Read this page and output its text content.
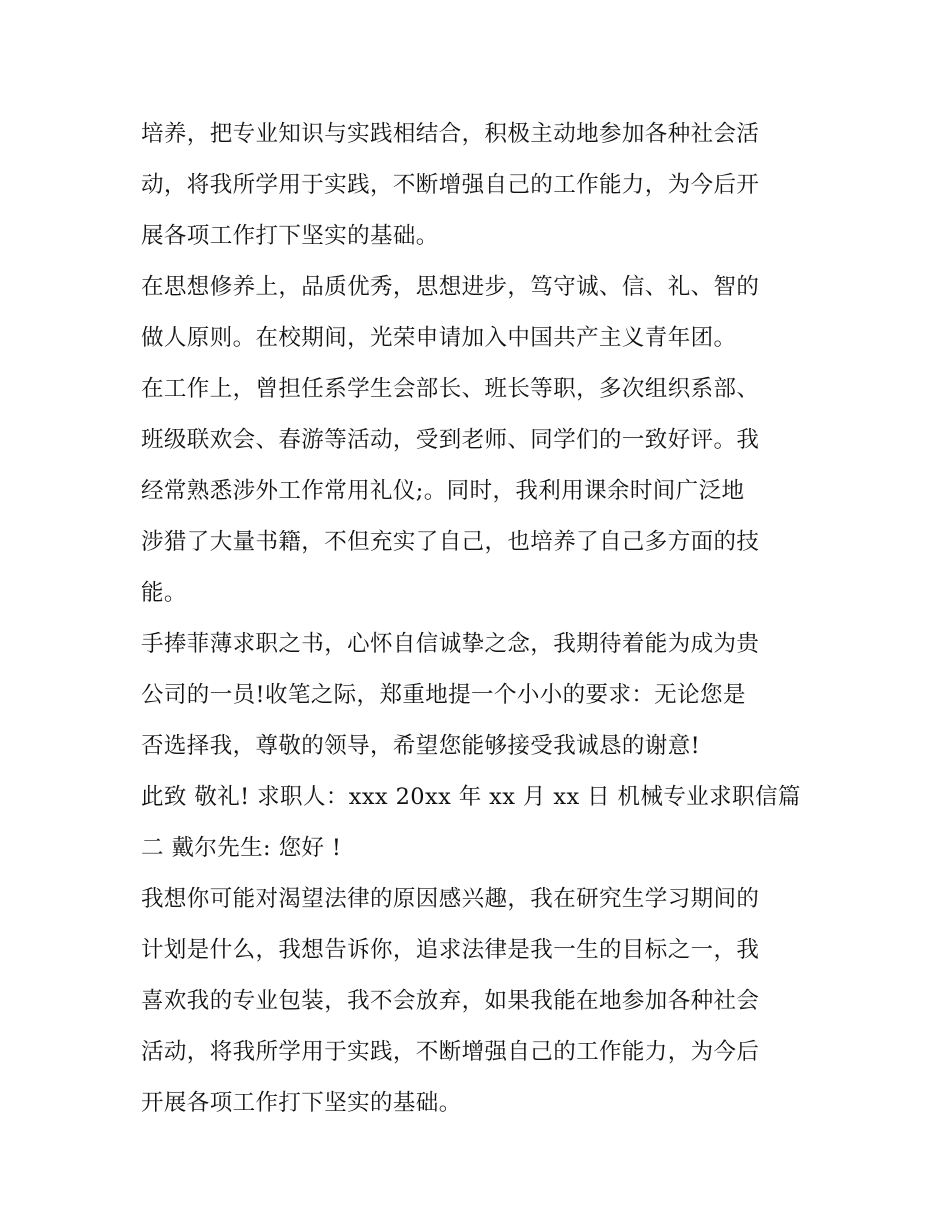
培养，把专业知识与实践相结合，积极主动地参加各种社会活
动，将我所学用于实践，不断增强自己的工作能力，为今后开
展各项工作打下坚实的基础。
在思想修养上，品质优秀，思想进步，笃守诚、信、礼、智的
做人原则。在校期间，光荣申请加入中国共产主义青年团。
在工作上，曾担任系学生会部长、班长等职，多次组织系部、
班级联欢会、春游等活动，受到老师、同学们的一致好评。我
经常熟悉涉外工作常用礼仪;。同时，我利用课余时间广泛地
涉猎了大量书籍，不但充实了自己，也培养了自己多方面的技
能。
手捧菲薄求职之书，心怀自信诚挚之念，我期待着能为成为贵
公司的一员!收笔之际，郑重地提一个小小的要求：无论您是
否选择我，尊敬的领导，希望您能够接受我诚恳的谢意!
此致 敬礼! 求职人：xxx 20xx 年 xx 月 xx 日 机械专业求职信篇
二 戴尔先生: 您好 !
我想你可能对渴望法律的原因感兴趣，我在研究生学习期间的
计划是什么，我想告诉你，追求法律是我一生的目标之一，我
喜欢我的专业包装，我不会放弃，如果我能在地参加各种社会
活动，将我所学用于实践，不断增强自己的工作能力，为今后
开展各项工作打下坚实的基础。
